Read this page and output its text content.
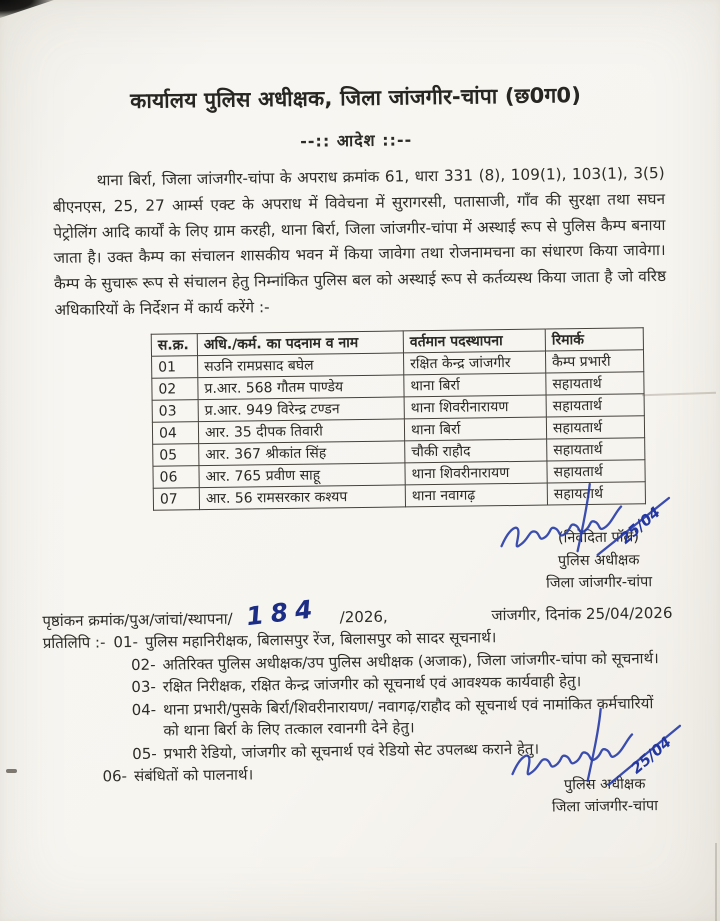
कार्यालय पुलिस अधीक्षक, जिला जांजगीर-चांपा (छ0ग0)
--:: आदेश ::--

थाना बिर्रा, जिला जांजगीर-चांपा के अपराध क्रमांक 61, धारा 331 (8), 109(1), 103(1), 3(5) बीएनएस, 25, 27 आर्म्स एक्ट के अपराध में विवेचना में सुरागरसी, पतासाजी, गाँव की सुरक्षा तथा सघन पेट्रोलिंग आदि कार्यों के लिए ग्राम करही, थाना बिर्रा, जिला जांजगीर-चांपा में अस्थाई रूप से पुलिस कैम्प बनाया जाता है। उक्त कैम्प का संचालन शासकीय भवन में किया जावेगा तथा रोजनामचना का संधारण किया जावेगा। कैम्प के सुचारू रूप से संचालन हेतु निम्नांकित पुलिस बल को अस्थाई रूप से कर्तव्यस्थ किया जाता है जो वरिष्ठ अधिकारियों के निर्देशन में कार्य करेंगे :-

स.क्र.	अधि./कर्म. का पदनाम व नाम	वर्तमान पदस्थापना	रिमार्क
01	सउनि रामप्रसाद बघेल	रक्षित केन्द्र जांजगीर	कैम्प प्रभारी
02	प्र.आर. 568 गौतम पाण्डेय	थाना बिर्रा	सहायतार्थ
03	प्र.आर. 949 विरेन्द्र टण्डन	थाना शिवरीनारायण	सहायतार्थ
04	आर. 35 दीपक तिवारी	थाना बिर्रा	सहायतार्थ
05	आर. 367 श्रीकांत सिंह	चौकी राहौद	सहायतार्थ
06	आर. 765 प्रवीण साहू	थाना शिवरीनारायण	सहायतार्थ
07	आर. 56 रामसरकार कश्यप	थाना नवागढ़	सहायतार्थ
25/04
(निवेदिता पॉल)
पुलिस अधीक्षक
जिला जांजगीर-चांपा
पृष्ठांकन क्रमांक/पुअ/जांचां/स्थापना/ 184 /2026,	जांजगीर, दिनांक 25/04/2026
प्रतिलिपि :- 01- पुलिस महानिरीक्षक, बिलासपुर रेंज, बिलासपुर को सादर सूचनार्थ।
02- अतिरिक्त पुलिस अधीक्षक/उप पुलिस अधीक्षक (अजाक), जिला जांजगीर-चांपा को सूचनार्थ।
03- रक्षित निरीक्षक, रक्षित केन्द्र जांजगीर को सूचनार्थ एवं आवश्यक कार्यवाही हेतु।
04- थाना प्रभारी/पुसके बिर्रा/शिवरीनारायण/ नवागढ़/राहौद को सूचनार्थ एवं नामांकित कर्मचारियों को थाना बिर्रा के लिए तत्काल रवानगी देने हेतु।
05- प्रभारी रेडियो, जांजगीर को सूचनार्थ एवं रेडियो सेट उपलब्ध कराने हेतु।
06- संबंधितों को पालनार्थ।	25/04
पुलिस अधीक्षक
जिला जांजगीर-चांपा
